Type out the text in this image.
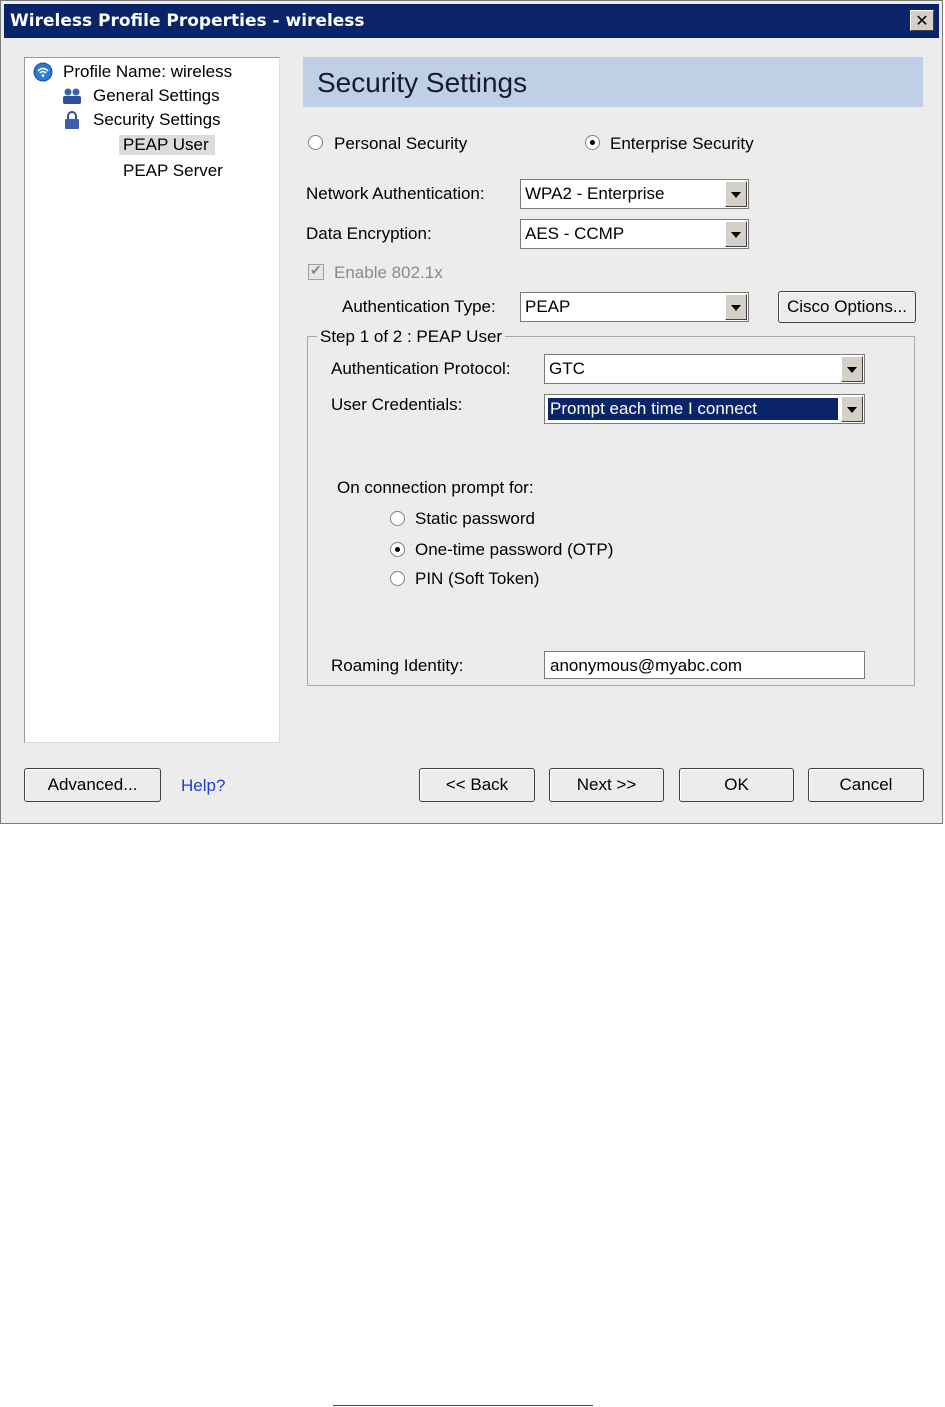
Wireless Profile Properties - wireless	✕
Profile Name: wireless
General Settings
Security Settings
PEAP User
PEAP Server
Security Settings
Personal Security	Enterprise Security
Network Authentication: WPA2 - Enterprise
Data Encryption:	AES - CCMP
✔
Enable 802.1x
Authentication Type: PEAP	Cisco Options...
Step 1 of 2 : PEAP User
Authentication Protocol: GTC
User Credentials:	Prompt each time I connect
On connection prompt for:
Static password
One-time password (OTP)
PIN (Soft Token)
Roaming Identity:	anonymous@myabc.com
Advanced...	Help?	<< Back	Next >>	OK	Cancel
